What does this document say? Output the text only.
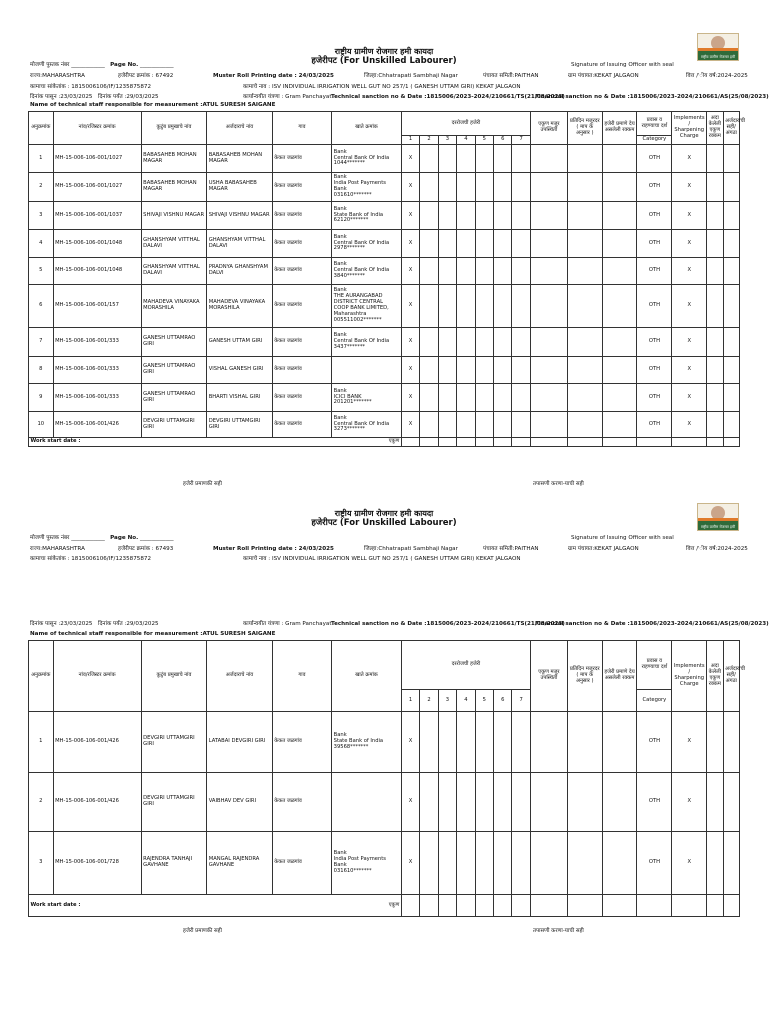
राष्ट्रीय ग्रामीण रोजगार हमी कायदा
हजेरीपट (For Unskilled Labourer)	राष्ट्रीय ग्रामीण रोजगार हमी
मोजणी पुस्तक नंबर ____________ Page No. ____________	Signature of Issuing Officer with seal
राज्य:MAHARASHTRA	हजेरीपट क्रमांक : 67492	Muster Roll Printing date : 24/03/2025	जिल्हा:Chhatrapati Sambhaji Nagar	पंचायत समिती:PAITHAN	ग्राम पंचायत:KEKAT JALGAON	वित्त /'ीय वर्ष:2024-2025
कामाचा सांकेतांक : 1815006106/IF/1235875872	कामाचे नाव : ISV INDIVIDUAL IRRIGATION WELL GUT NO 257/1 ( GANESH UTTAM GIRI) KEKAT JALGAON
दिनांक पासून :23/03/2025 दिनांक पर्यंत :29/03/2025	कार्यान्वयीत यंत्रणा : Gram Panchayat Technical sanction no & Date :1815006/2023-2024/210661/TS(21/08/2023)
Financial sanction no & Date :1815006/2023-2024/210661/AS(25/08/2023)
Name of technical staff responsible for measurement :ATUL SURESH SAIGANE
अनुक्रमांक	नांव/रजिस्टर क्रमांक	कुटुंब प्रमुखाचे नांव	अर्जदाराचे नांव	गाव	खाते क्रमांक	दररोजची हजेरी							एकूण मजूर उपस्थिती	प्रतिदिन मजूरदर ( माप के अनुसार )	हजेरी प्रमाणे देय असलेली रक्कम	प्रवास व राहण्याचा दर्श	Implements / Sharpening Charge	अदा केलेली एकूण रक्कम	अर्जदाराची सही/अंगठा
						1	2	3	4	5	6	7				Category			
1	MH-15-006-106-001/1027	BABASAHEB MOHAN MAGAR	BABASAHEB MOHAN MAGAR	केकत जळगांव	Bank
Central Bank Of India
1044*******	X										OTH	X		
2	MH-15-006-106-001/1027	BABASAHEB MOHAN MAGAR	USHA BABASAHEB MAGAR	केकत जळगांव	Bank
India Post Payments Bank
031610*******	X										OTH	X		
3	MH-15-006-106-001/1037	SHIVAJI VISHNU MAGAR	SHIVAJI VISHNU MAGAR	केकत जळगांव	Bank
State Bank of India
62120*******	X										OTH	X		
4	MH-15-006-106-001/1048	GHANSHYAM VITTHAL DALAVI	GHANSHYAM VITTHAL DALAVI	केकत जळगांव	Bank
Central Bank Of India
2978*******	X										OTH	X		
5	MH-15-006-106-001/1048	GHANSHYAM VITTHAL DALAVI	PRADNYA GHANSHYAM DALVI	केकत जळगांव	Bank
Central Bank Of India
3840*******	X										OTH	X		
6	MH-15-006-106-001/157	MAHADEVA VINAYAKA MORASHILA	MAHADEVA VINAYAKA MORASHILA	केकत जळगांव	Bank
THE AURANGABAD DISTRICT CENTRAL COOP BANK LIMITED, Maharashtra
005511002*******	X										OTH	X		
7	MH-15-006-106-001/333	GANESH UTTAMRAO GIRI	GANESH UTTAM GIRI	केकत जळगांव	Bank
Central Bank Of India
3437*******	X										OTH	X		
8	MH-15-006-106-001/333	GANESH UTTAMRAO GIRI	VISHAL GANESH GIRI	केकत जळगांव		X										OTH	X		
9	MH-15-006-106-001/333	GANESH UTTAMRAO GIRI	BHARTI VISHAL GIRI	केकत जळगांव	Bank
ICICI BANK
201201*******	X										OTH	X		
10	MH-15-006-106-001/426	DEVGIRI UTTAMGIRI GIRI	DEVGIRI UTTAMGIRI GIRI	केकत जळगांव	Bank
Central Bank Of India
3273*******	X										OTH	X		
Work start date : एकूण																			

हजेरी प्रमाणकी सही	तपासणी करणा-याची सही
राष्ट्रीय ग्रामीण रोजगार हमी कायदा
हजेरीपट (For Unskilled Labourer)	राष्ट्रीय ग्रामीण रोजगार हमी
मोजणी पुस्तक नंबर ____________ Page No. ____________	Signature of Issuing Officer with seal
राज्य:MAHARASHTRA	हजेरीपट क्रमांक : 67493	Muster Roll Printing date : 24/03/2025	जिल्हा:Chhatrapati Sambhaji Nagar	पंचायत समिती:PAITHAN	ग्राम पंचायत:KEKAT JALGAON	वित्त /'ीय वर्ष:2024-2025
कामाचा सांकेतांक : 1815006106/IF/1235875872	कामाचे नाव : ISV INDIVIDUAL IRRIGATION WELL GUT NO 257/1 ( GANESH UTTAM GIRI) KEKAT JALGAON
दिनांक पासून :23/03/2025 दिनांक पर्यंत :29/03/2025	कार्यान्वयीत यंत्रणा : Gram Panchayat Technical sanction no & Date :1815006/2023-2024/210661/TS(21/08/2023)
Financial sanction no & Date :1815006/2023-2024/210661/AS(25/08/2023)
Name of technical staff responsible for measurement :ATUL SURESH SAIGANE
अनुक्रमांक	नांव/रजिस्टर क्रमांक	कुटुंब प्रमुखाचे नांव	अर्जदाराचे नांव	गाव	खाते क्रमांक	दररोजची हजेरी							एकूण मजूर उपस्थिती	प्रतिदिन मजूरदर ( माप के अनुसार )	हजेरी प्रमाणे देय असलेली रक्कम	प्रवास व राहण्याचा दर्श	Implements / Sharpening Charge	अदा केलेली एकूण रक्कम	अर्जदाराची सही/अंगठा
						1	2	3	4	5	6	7				Category			
1	MH-15-006-106-001/426	DEVGIRI UTTAMGIRI GIRI	LATABAI DEVGIRI GIRI	केकत जळगांव	Bank
State Bank of India
39568*******	X										OTH	X		
2	MH-15-006-106-001/426	DEVGIRI UTTAMGIRI GIRI	VAIBHAV DEV GIRI	केकत जळगांव		X										OTH	X		
3	MH-15-006-106-001/728	RAJENDRA TANHAJI GAVHANE	MANGAL RAJENDRA GAVHANE	केकत जळगांव	Bank
India Post Payments Bank
031610*******	X										OTH	X		
Work start date : एकूण																			

हजेरी प्रमाणकी सही	तपासणी करणा-याची सही
